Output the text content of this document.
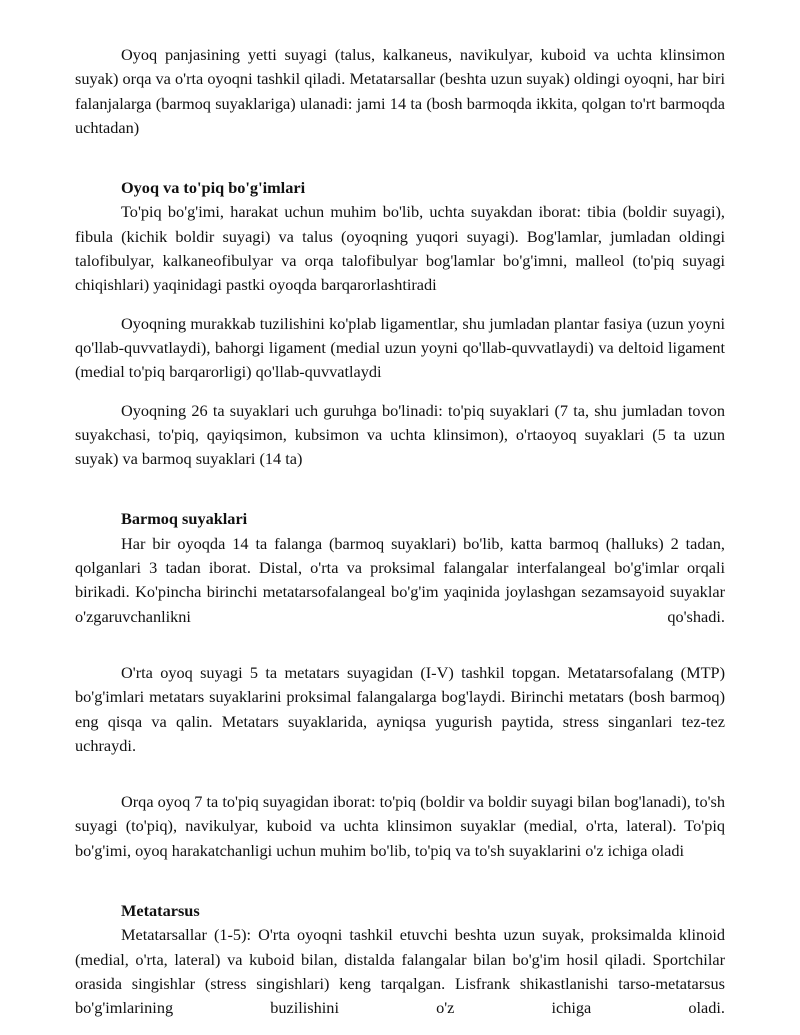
Oyoq panjasining yetti suyagi (talus, kalkaneus, navikulyar, kuboid va uchta klinsimon suyak) orqa va o'rta oyoqni tashkil qiladi. Metatarsallar (beshta uzun suyak) oldingi oyoqni, har biri falanjalarga (barmoq suyaklariga) ulanadi: jami 14 ta (bosh barmoqda ikkita, qolgan to'rt barmoqda uchtadan)

Oyoq va to'piq bo'g'imlari

To'piq bo'g'imi, harakat uchun muhim bo'lib, uchta suyakdan iborat: tibia (boldir suyagi), fibula (kichik boldir suyagi) va talus (oyoqning yuqori suyagi). Bog'lamlar, jumladan oldingi talofibulyar, kalkaneofibulyar va orqa talofibulyar bog'lamlar bo'g'imni, malleol (to'piq suyagi chiqishlari) yaqinidagi pastki oyoqda barqarorlashtiradi

Oyoqning murakkab tuzilishini ko'plab ligamentlar, shu jumladan plantar fasiya (uzun yoyni qo'llab-quvvatlaydi), bahorgi ligament (medial uzun yoyni qo'llab-quvvatlaydi) va deltoid ligament (medial to'piq barqarorligi) qo'llab-quvvatlaydi

Oyoqning 26 ta suyaklari uch guruhga bo'linadi: to'piq suyaklari (7 ta, shu jumladan tovon suyakchasi, to'piq, qayiqsimon, kubsimon va uchta klinsimon), o'rtaoyoq suyaklari (5 ta uzun suyak) va barmoq suyaklari (14 ta)

Barmoq suyaklari

Har bir oyoqda 14 ta falanga (barmoq suyaklari) bo'lib, katta barmoq (halluks) 2 tadan, qolganlari 3 tadan iborat. Distal, o'rta va proksimal falangalar interfalangeal bo'g'imlar orqali birikadi. Ko'pincha birinchi metatarsofalangeal bo'g'im yaqinida joylashgan sezamsayoid suyaklar o'zgaruvchanlikni qo'shadi.

O'rta oyoq suyagi 5 ta metatars suyagidan (I-V) tashkil topgan. Metatarsofalang (MTP) bo'g'imlari metatars suyaklarini proksimal falangalarga bog'laydi. Birinchi metatars (bosh barmoq) eng qisqa va qalin. Metatars suyaklarida, ayniqsa yugurish paytida, stress singanlari tez-tez uchraydi.

Orqa oyoq 7 ta to'piq suyagidan iborat: to'piq (boldir va boldir suyagi bilan bog'lanadi), to'sh suyagi (to'piq), navikulyar, kuboid va uchta klinsimon suyaklar (medial, o'rta, lateral). To'piq bo'g'imi, oyoq harakatchanligi uchun muhim bo'lib, to'piq va to'sh suyaklarini o'z ichiga oladi

Metatarsus

Metatarsallar (1-5): O'rta oyoqni tashkil etuvchi beshta uzun suyak, proksimalda klinoid (medial, o'rta, lateral) va kuboid bilan, distalda falangalar bilan bo'g'im hosil qiladi. Sportchilar orasida singishlar (stress singishlari) keng tarqalgan. Lisfrank shikastlanishi tarso-metatarsus bo'g'imlarining buzilishini o'z ichiga oladi.
